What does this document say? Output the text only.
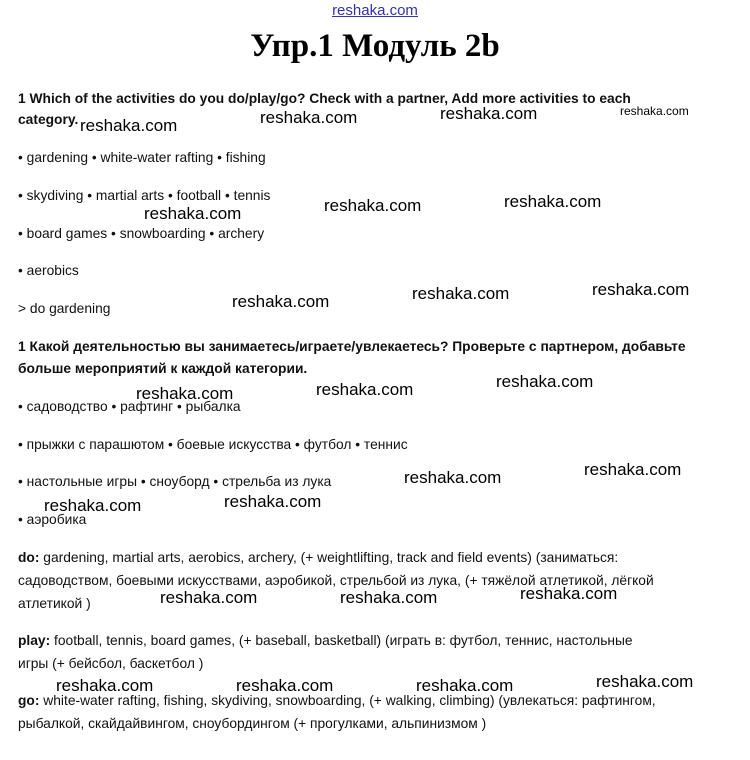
reshaka.com
Упр.1 Модуль 2b
1 Which of the activities do you do/play/go? Check with a partner, Add more activities to each
category.
• gardening • white-water rafting • fishing
• skydiving • martial arts • football • tennis
• board games • snowboarding • archery
• aerobics
> do gardening
1 Какой деятельностью вы занимаетесь/играете/увлекаетесь? Проверьте с партнером, добавьте
больше мероприятий к каждой категории.
• садоводство • рафтинг • рыбалка
• прыжки с парашютом • боевые искусства • футбол • теннис
• настольные игры • сноуборд • стрельба из лука
• аэробика
do: gardening, martial arts, aerobics, archery, (+ weightlifting, track and field events) (заниматься:
садоводством, боевыми искусствами, аэробикой, стрельбой из лука, (+ тяжёлой атлетикой, лёгкой
атлетикой )
play: football, tennis, board games, (+ baseball, basketball) (играть в: футбол, теннис, настольные
игры (+ бейсбол, баскетбол )
go: white-water rafting, fishing, skydiving, snowboarding, (+ walking, climbing) (увлекаться: рафтингом,
рыбалкой, скайдайвингом, сноубордингом (+ прогулками, альпинизмом )
reshaka.com	reshaka.com	reshaka.com	reshaka.com
reshaka.com	reshaka.com	reshaka.com
reshaka.com	reshaka.com	reshaka.com
reshaka.com	reshaka.com	reshaka.com
reshaka.com	reshaka.com
reshaka.com	reshaka.com
reshaka.com	reshaka.com	reshaka.com
reshaka.com	reshaka.com	reshaka.com	reshaka.com
